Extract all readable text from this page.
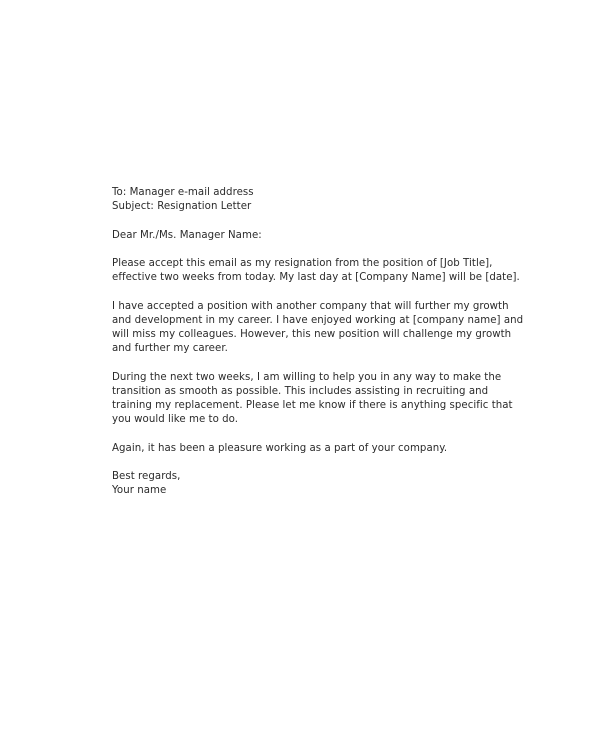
To: Manager e-mail address
Subject: Resignation Letter
Dear Mr./Ms. Manager Name:
Please accept this email as my resignation from the position of [Job Title],
effective two weeks from today. My last day at [Company Name] will be [date].
I have accepted a position with another company that will further my growth
and development in my career. I have enjoyed working at [company name] and
will miss my colleagues. However, this new position will challenge my growth
and further my career.
During the next two weeks, I am willing to help you in any way to make the
transition as smooth as possible. This includes assisting in recruiting and
training my replacement. Please let me know if there is anything specific that
you would like me to do.
Again, it has been a pleasure working as a part of your company.
Best regards,
Your name
